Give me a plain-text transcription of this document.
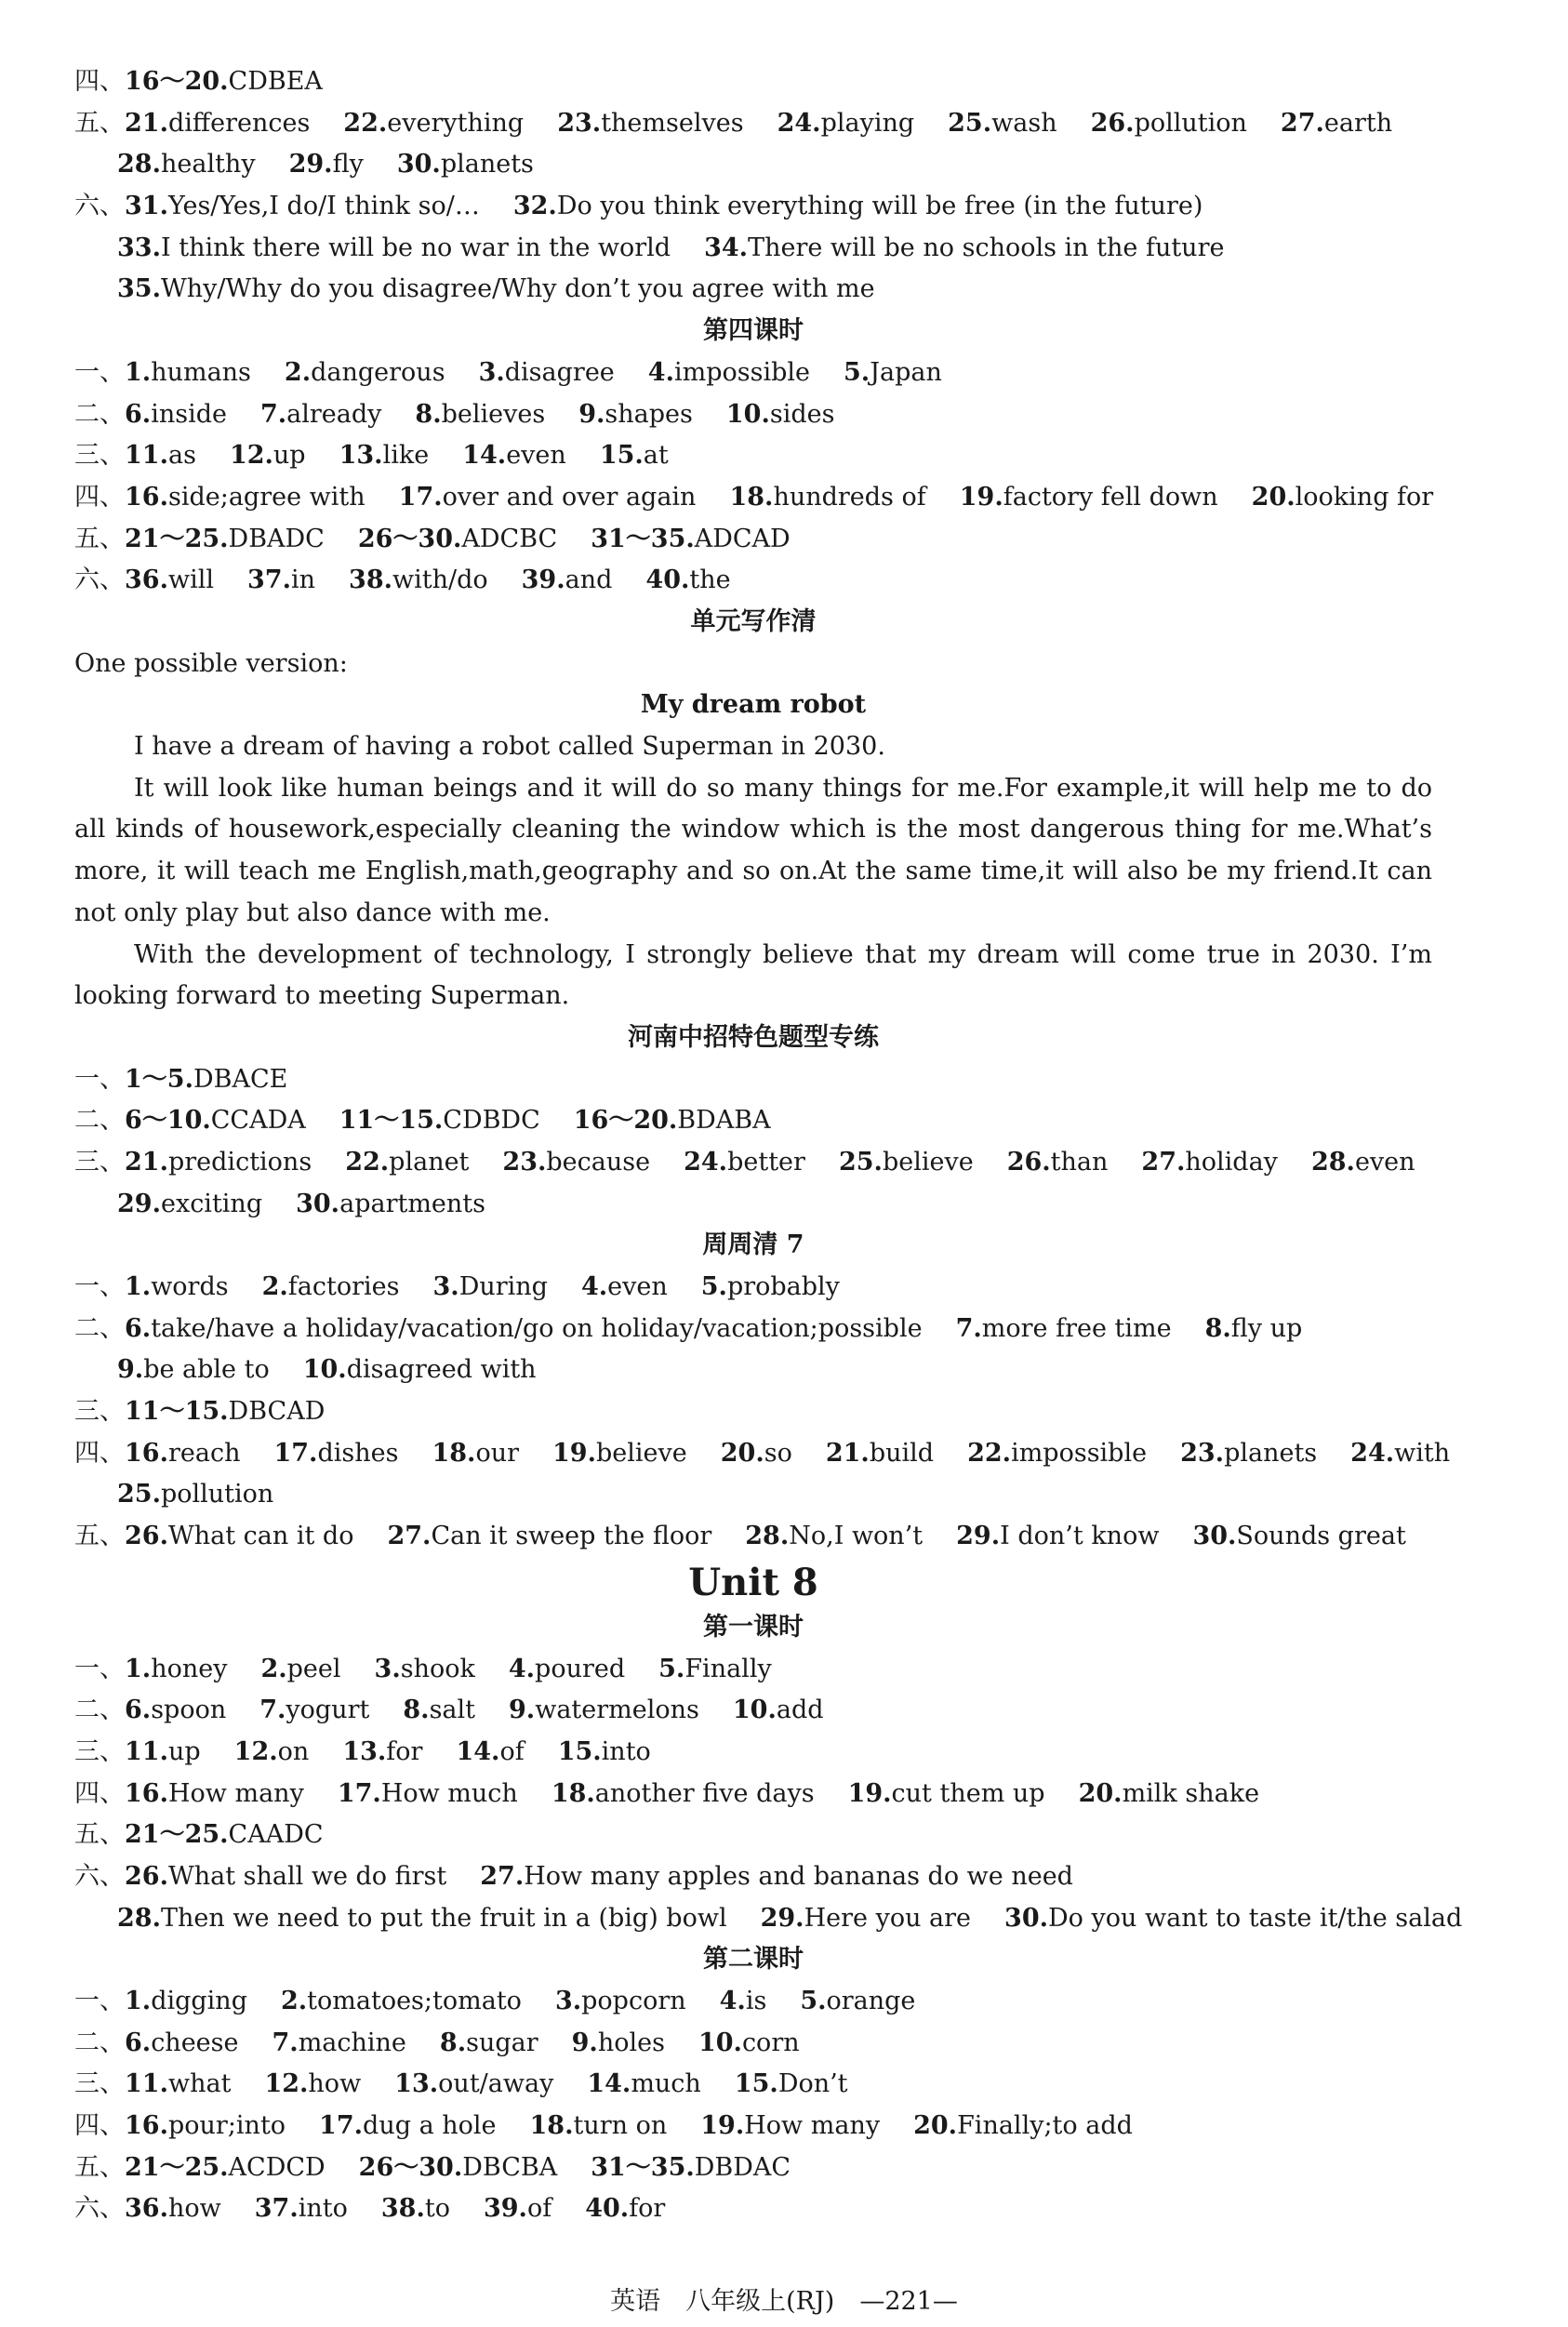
四、16～20.CDBEA
五、21.differences 22.everything 23.themselves 24.playing 25.wash 26.pollution 27.earth
28.healthy 29.fly 30.planets
六、31.Yes/Yes,I do/I think so/… 32.Do you think everything will be free (in the future)
33.I think there will be no war in the world 34.There will be no schools in the future
35.Why/Why do you disagree/Why don’t you agree with me
第四课时
一、1.humans 2.dangerous 3.disagree 4.impossible 5.Japan
二、6.inside 7.already 8.believes 9.shapes 10.sides
三、11.as 12.up 13.like 14.even 15.at
四、16.side;agree with 17.over and over again 18.hundreds of 19.factory fell down 20.looking for
五、21～25.DBADC 26～30.ADCBC 31～35.ADCAD
六、36.will 37.in 38.with/do 39.and 40.the
单元写作清
One possible version:
My dream robot
I have a dream of having a robot called Superman in 2030.
It will look like human beings and it will do so many things for me.For example,it will help me to do all kinds of housework,especially cleaning the window which is the most dangerous thing for me.What’s more, it will teach me English,math,geography and so on.At the same time,it will also be my friend.It can not only play but also dance with me.
With the development of technology, I strongly believe that my dream will come true in 2030. I’m looking forward to meeting Superman.
河南中招特色题型专练
一、1～5.DBACE
二、6～10.CCADA 11～15.CDBDC 16～20.BDABA
三、21.predictions 22.planet 23.because 24.better 25.believe 26.than 27.holiday 28.even
29.exciting 30.apartments
周周清 7
一、1.words 2.factories 3.During 4.even 5.probably
二、6.take/have a holiday/vacation/go on holiday/vacation;possible 7.more free time 8.fly up
9.be able to 10.disagreed with
三、11～15.DBCAD
四、16.reach 17.dishes 18.our 19.believe 20.so 21.build 22.impossible 23.planets 24.with
25.pollution
五、26.What can it do 27.Can it sweep the floor 28.No,I won’t 29.I don’t know 30.Sounds great
Unit 8
第一课时
一、1.honey 2.peel 3.shook 4.poured 5.Finally
二、6.spoon 7.yogurt 8.salt 9.watermelons 10.add
三、11.up 12.on 13.for 14.of 15.into
四、16.How many 17.How much 18.another five days 19.cut them up 20.milk shake
五、21～25.CAADC
六、26.What shall we do first 27.How many apples and bananas do we need
28.Then we need to put the fruit in a (big) bowl 29.Here you are 30.Do you want to taste it/the salad
第二课时
一、1.digging 2.tomatoes;tomato 3.popcorn 4.is 5.orange
二、6.cheese 7.machine 8.sugar 9.holes 10.corn
三、11.what 12.how 13.out/away 14.much 15.Don’t
四、16.pour;into 17.dug a hole 18.turn on 19.How many 20.Finally;to add
五、21～25.ACDCD 26～30.DBCBA 31～35.DBDAC
六、36.how 37.into 38.to 39.of 40.for
英语　八年级上(RJ)　—221—
